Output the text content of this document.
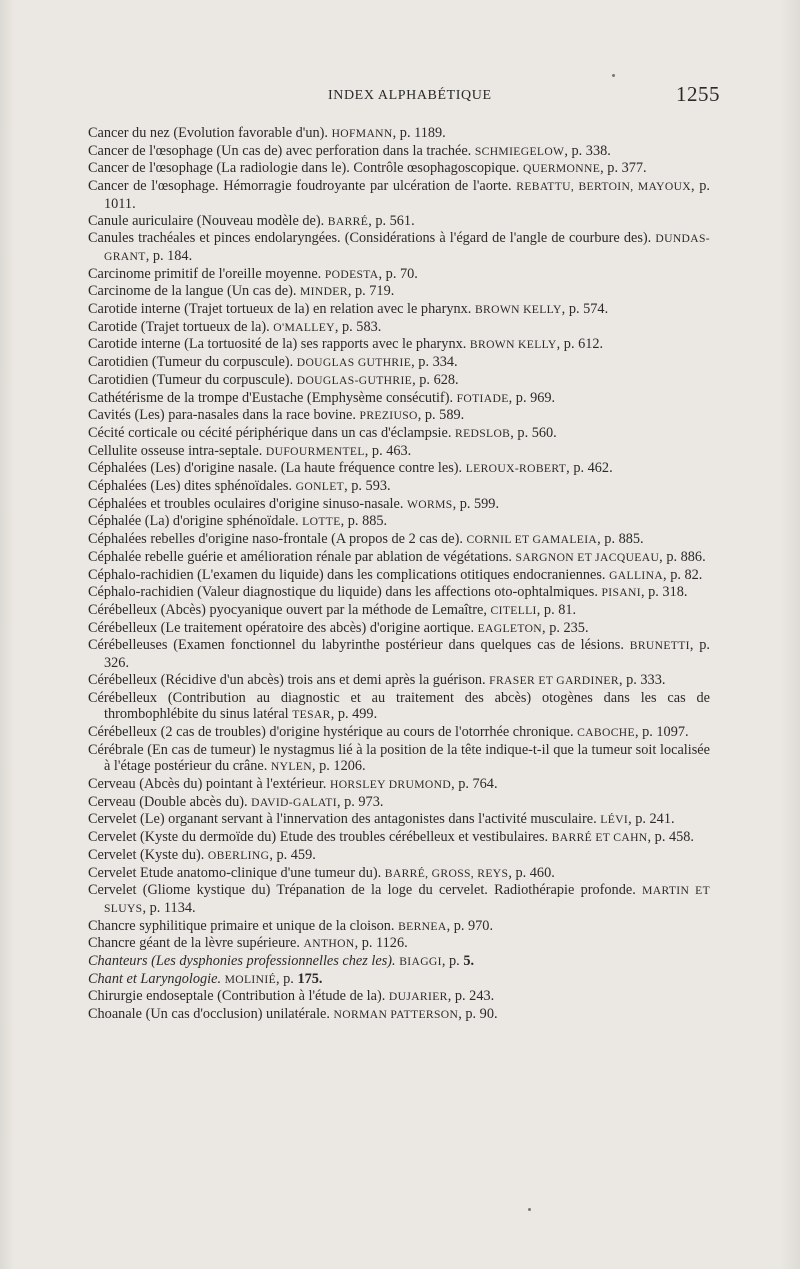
INDEX ALPHABÉTIQUE	1255
Cancer du nez (Evolution favorable d'un). HOFMANN, p. 1189.
Cancer de l'œsophage (Un cas de) avec perforation dans la trachée. SCHMIEGELOW, p. 338.
Cancer de l'œsophage (La radiologie dans le). Contrôle œsophagoscopique. QUERMONNE, p. 377.
Cancer de l'œsophage. Hémorragie foudroyante par ulcération de l'aorte. REBATTU, BERTOIN, MAYOUX, p. 1011.
Canule auriculaire (Nouveau modèle de). BARRÉ, p. 561.
Canules trachéales et pinces endolaryngées. (Considérations à l'égard de l'angle de courbure des). DUNDAS-GRANT, p. 184.
Carcinome primitif de l'oreille moyenne. PODESTA, p. 70.
Carcinome de la langue (Un cas de). MINDER, p. 719.
Carotide interne (Trajet tortueux de la) en relation avec le pharynx. BROWN KELLY, p. 574.
Carotide (Trajet tortueux de la). O'MALLEY, p. 583.
Carotide interne (La tortuosité de la) ses rapports avec le pharynx. BROWN KELLY, p. 612.
Carotidien (Tumeur du corpuscule). DOUGLAS GUTHRIE, p. 334.
Carotidien (Tumeur du corpuscule). DOUGLAS-GUTHRIE, p. 628.
Cathétérisme de la trompe d'Eustache (Emphysème consécutif). FOTIADE, p. 969.
Cavités (Les) para-nasales dans la race bovine. PREZIUSO, p. 589.
Cécité corticale ou cécité périphérique dans un cas d'éclampsie. REDSLOB, p. 560.
Cellulite osseuse intra-septale. DUFOURMENTEL, p. 463.
Céphalées (Les) d'origine nasale. (La haute fréquence contre les). LEROUX-ROBERT, p. 462.
Céphalées (Les) dites sphénoïdales. GONLET, p. 593.
Céphalées et troubles oculaires d'origine sinuso-nasale. WORMS, p. 599.
Céphalée (La) d'origine sphénoïdale. LOTTE, p. 885.
Céphalées rebelles d'origine naso-frontale (A propos de 2 cas de). CORNIL ET GAMALEIA, p. 885.
Céphalée rebelle guérie et amélioration rénale par ablation de végétations. SARGNON ET JACQUEAU, p. 886.
Céphalo-rachidien (L'examen du liquide) dans les complications otitiques endocraniennes. GALLINA, p. 82.
Céphalo-rachidien (Valeur diagnostique du liquide) dans les affections oto-ophtalmiques. PISANI, p. 318.
Cérébelleux (Abcès) pyocyanique ouvert par la méthode de Lemaître, CITELLI, p. 81.
Cérébelleux (Le traitement opératoire des abcès) d'origine aortique. EAGLETON, p. 235.
Cérébelleuses (Examen fonctionnel du labyrinthe postérieur dans quelques cas de lésions. BRUNETTI, p. 326.
Cérébelleux (Récidive d'un abcès) trois ans et demi après la guérison. FRASER ET GARDINER, p. 333.
Cérébelleux (Contribution au diagnostic et au traitement des abcès) otogènes dans les cas de thrombophlébite du sinus latéral TESAR, p. 499.
Cérébelleux (2 cas de troubles) d'origine hystérique au cours de l'otorrhée chronique. CABOCHE, p. 1097.
Cérébrale (En cas de tumeur) le nystagmus lié à la position de la tête indique-t-il que la tumeur soit localisée à l'étage postérieur du crâne. NYLEN, p. 1206.
Cerveau (Abcès du) pointant à l'extérieur. HORSLEY DRUMOND, p. 764.
Cerveau (Double abcès du). DAVID-GALATI, p. 973.
Cervelet (Le) organant servant à l'innervation des antagonistes dans l'activité musculaire. LÉVI, p. 241.
Cervelet (Kyste du dermoïde du) Etude des troubles cérébelleux et vestibulaires. BARRÉ ET CAHN, p. 458.
Cervelet (Kyste du). OBERLING, p. 459.
Cervelet Etude anatomo-clinique d'une tumeur du). BARRÉ, GROSS, REYS, p. 460.
Cervelet (Gliome kystique du) Trépanation de la loge du cervelet. Radiothérapie profonde. MARTIN ET SLUYS, p. 1134.
Chancre syphilitique primaire et unique de la cloison. BERNEA, p. 970.
Chancre géant de la lèvre supérieure. ANTHON, p. 1126.
Chanteurs (Les dysphonies professionnelles chez les). BIAGGI, p. 5.
Chant et Laryngologie. MOLINIÉ, p. 175.
Chirurgie endoseptale (Contribution à l'étude de la). DUJARIER, p. 243.
Choanale (Un cas d'occlusion) unilatérale. NORMAN PATTERSON, p. 90.
